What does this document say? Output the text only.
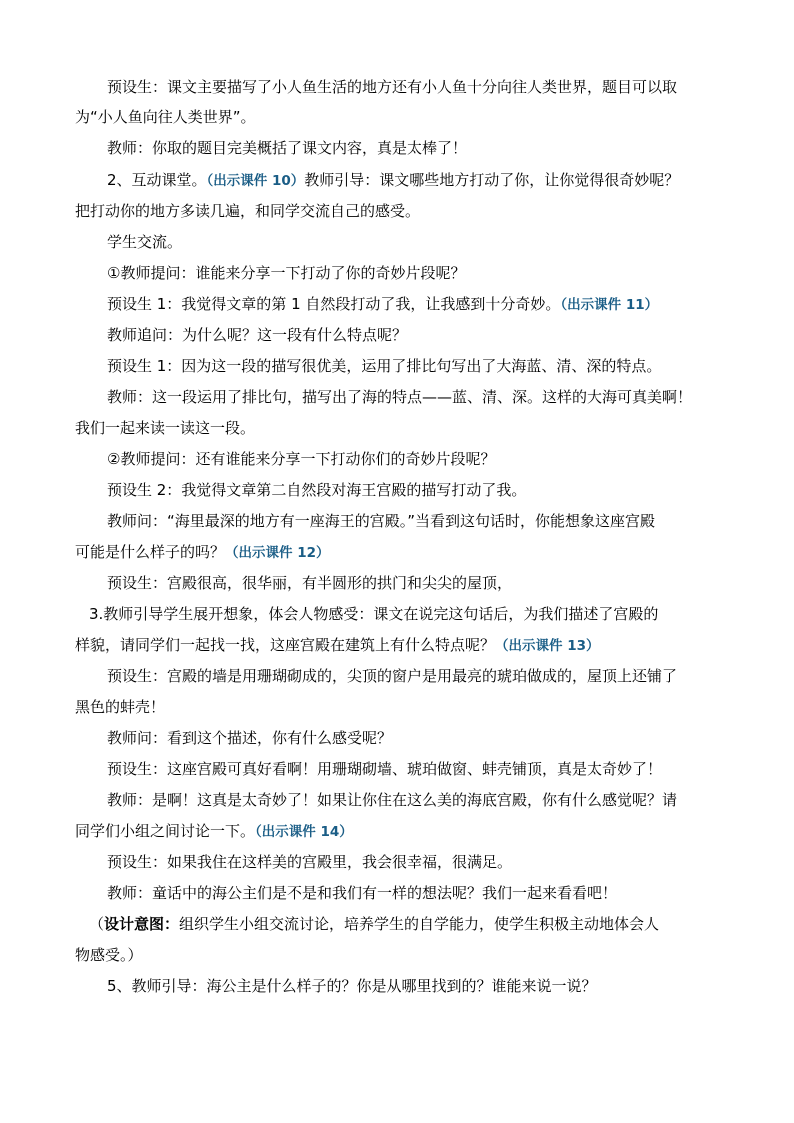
预设生：课文主要描写了小人鱼生活的地方还有小人鱼十分向往人类世界，题目可以取
为“小人鱼向往人类世界”。
教师：你取的题目完美概括了课文内容，真是太棒了！
2、互动课堂。（出示课件 10）教师引导：课文哪些地方打动了你，让你觉得很奇妙呢？
把打动你的地方多读几遍，和同学交流自己的感受。
学生交流。
①教师提问：谁能来分享一下打动了你的奇妙片段呢？
预设生 1：我觉得文章的第 1 自然段打动了我，让我感到十分奇妙。（出示课件 11）
教师追问：为什么呢？这一段有什么特点呢？
预设生 1：因为这一段的描写很优美，运用了排比句写出了大海蓝、清、深的特点。
教师：这一段运用了排比句，描写出了海的特点——蓝、清、深。这样的大海可真美啊！
我们一起来读一读这一段。
②教师提问：还有谁能来分享一下打动你们的奇妙片段呢？
预设生 2：我觉得文章第二自然段对海王宫殿的描写打动了我。
教师问：“海里最深的地方有一座海王的宫殿。”当看到这句话时，你能想象这座宫殿
可能是什么样子的吗？（出示课件 12）
预设生：宫殿很高，很华丽，有半圆形的拱门和尖尖的屋顶，
3.教师引导学生展开想象，体会人物感受：课文在说完这句话后，为我们描述了宫殿的
样貌，请同学们一起找一找，这座宫殿在建筑上有什么特点呢？（出示课件 13）
预设生：宫殿的墙是用珊瑚砌成的，尖顶的窗户是用最亮的琥珀做成的，屋顶上还铺了
黑色的蚌壳！
教师问：看到这个描述，你有什么感受呢？
预设生：这座宫殿可真好看啊！用珊瑚砌墙、琥珀做窗、蚌壳铺顶，真是太奇妙了！
教师：是啊！这真是太奇妙了！如果让你住在这么美的海底宫殿，你有什么感觉呢？请
同学们小组之间讨论一下。（出示课件 14）
预设生：如果我住在这样美的宫殿里，我会很幸福，很满足。
教师：童话中的海公主们是不是和我们有一样的想法呢？我们一起来看看吧！
（设计意图：组织学生小组交流讨论，培养学生的自学能力，使学生积极主动地体会人
物感受。）
5、教师引导：海公主是什么样子的？你是从哪里找到的？谁能来说一说？
